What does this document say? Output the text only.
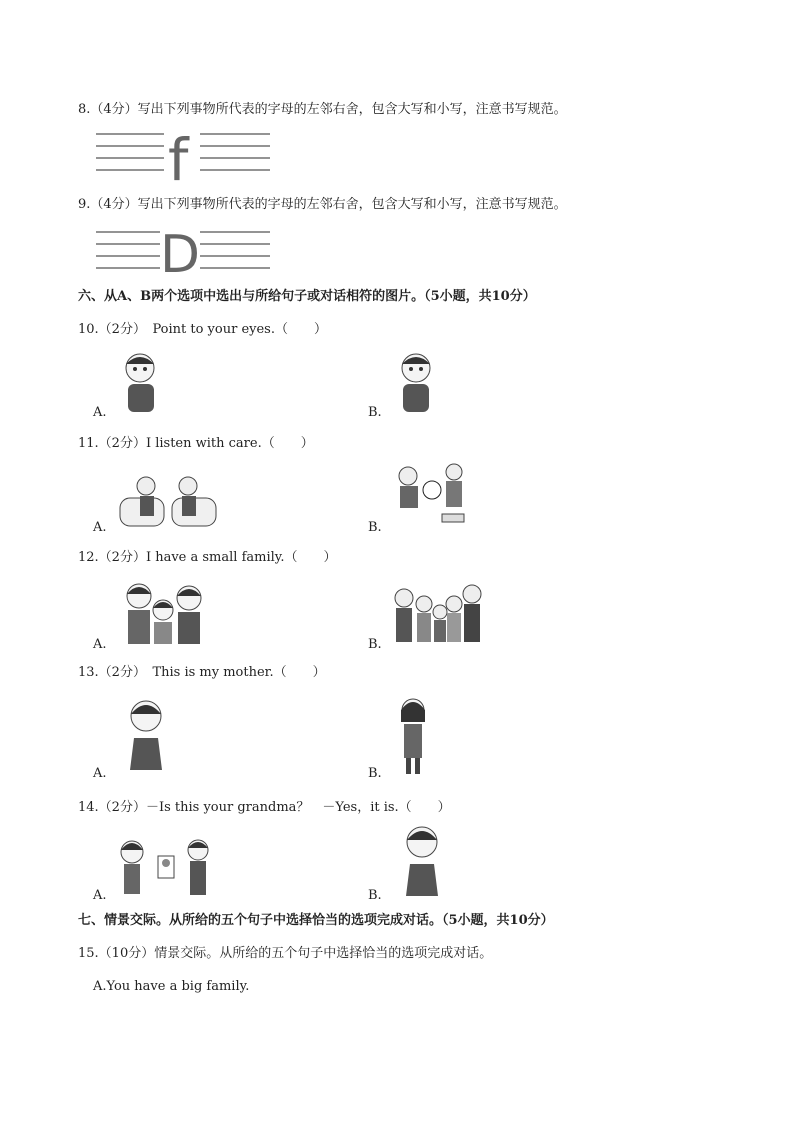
8.（4分）写出下列事物所代表的字母的左邻右舍，包含大写和小写，注意书写规范。
f
9.（4分）写出下列事物所代表的字母的左邻右舍，包含大写和小写，注意书写规范。
D
六、从A、B两个选项中选出与所给句子或对话相符的图片。（5小题，共10分）
10.（2分）　Point to your eyes.（　　）
A.	B.
11.（2分）I listen with care.（　　）
A.	B.
12.（2分）I have a small family.（　　）
A.	B.
13.（2分）　This is my mother.（　　）
A.	B.
14.（2分）－Is this your grandma？　－Yes，it is.（　　）
A.	B.
七、情景交际。从所给的五个句子中选择恰当的选项完成对话。（5小题，共10分）
15.（10分）情景交际。从所给的五个句子中选择恰当的选项完成对话。
A.You have a big family.
